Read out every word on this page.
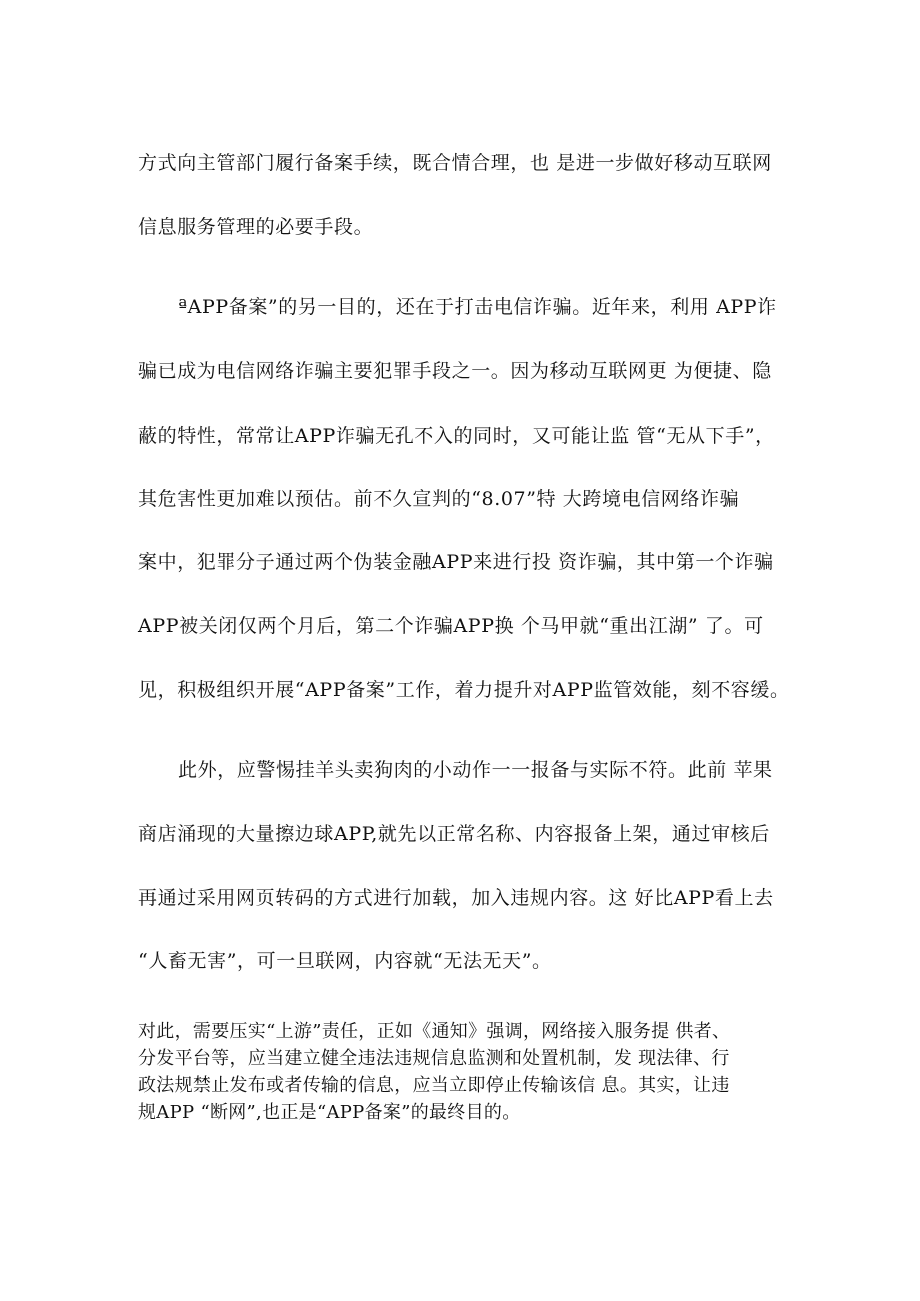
方式向主管部门履行备案手续，既合情合理，也 是进一步做好移动互联网
信息服务管理的必要手段。
ªAPP备案”的另一目的，还在于打击电信诈骗。近年来，利用 APP诈
骗已成为电信网络诈骗主要犯罪手段之一。因为移动互联网更 为便捷、隐
蔽的特性，常常让APP诈骗无孔不入的同时，又可能让监 管“无从下手”，
其危害性更加难以预估。前不久宣判的“8.07”特 大跨境电信网络诈骗
案中，犯罪分子通过两个伪装金融APP来进行投 资诈骗，其中第一个诈骗
APP被关闭仅两个月后，第二个诈骗APP换 个马甲就“重出江湖” 了。可
见，积极组织开展“APP备案”工作，着力提升对APP监管效能，刻不容缓。
此外，应警惕挂羊头卖狗肉的小动作一一报备与实际不符。此前 苹果
商店涌现的大量擦边球APP,就先以正常名称、内容报备上架，通过审核后
再通过采用网页转码的方式进行加载，加入违规内容。这 好比APP看上去
“人畜无害”，可一旦联网，内容就“无法无天”。
对此，需要压实“上游”责任，正如《通知》强调，网络接入服务提 供者、
分发平台等，应当建立健全违法违规信息监测和处置机制，发 现法律、行
政法规禁止发布或者传输的信息，应当立即停止传输该信 息。其实，让违
规APP “断网”,也正是“APP备案”的最终目的。
